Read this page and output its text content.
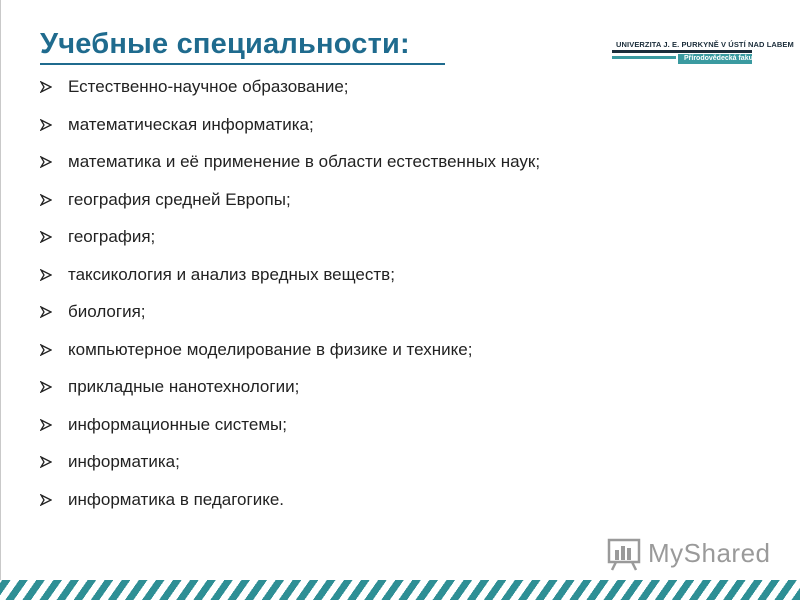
Учебные специальности:	UNIVERZITA J. E. PURKYNĚ V ÚSTÍ NAD LABEM
Přírodovědecká fakulta
Естественно-научное образование;
математическая информатика;
математика и её применение в области естественных наук;
география средней Европы;
география;
таксикология и анализ вредных веществ;
биология;
компьютерное моделирование в физике и технике;
прикладные нанотехнологии;
информационные системы;
информатика;
информатика в педагогике.
MyShared
